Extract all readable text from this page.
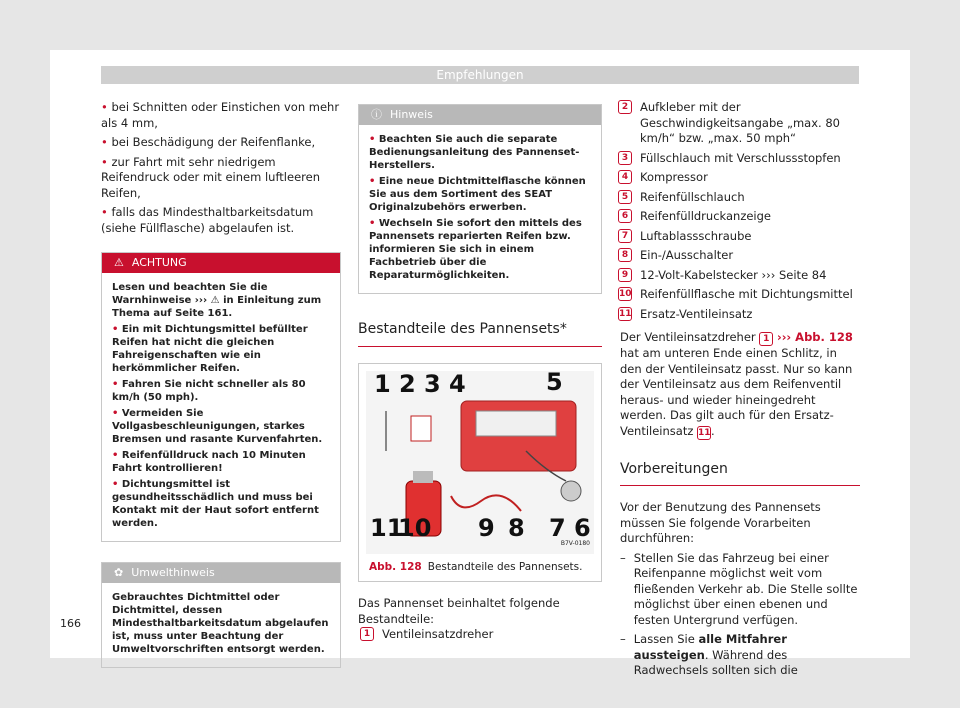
Empfehlungen
• bei Schnitten oder Einstichen von mehr als 4 mm,
• bei Beschädigung der Reifenflanke,
• zur Fahrt mit sehr niedrigem Reifendruck oder mit einem luftleeren Reifen,
• falls das Mindesthaltbarkeitsdatum (siehe Füllflasche) abgelaufen ist.
⚠ ACHTUNG

Lesen und beachten Sie die Warnhinweise ››› ⚠ in Einleitung zum Thema auf Seite 161.

• Ein mit Dichtungsmittel befüllter Reifen hat nicht die gleichen Fahreigenschaften wie ein herkömmlicher Reifen.

• Fahren Sie nicht schneller als 80 km/h (50 mph).

• Vermeiden Sie Vollgasbeschleunigungen, starkes Bremsen und rasante Kurvenfahrten.

• Reifenfülldruck nach 10 Minuten Fahrt kontrollieren!

• Dichtungsmittel ist gesundheitsschädlich und muss bei Kontakt mit der Haut sofort entfernt werden.

✿ Umwelthinweis

Gebrauchtes Dichtmittel oder Dichtmittel, dessen Mindesthaltbarkeitsdatum abgelaufen ist, muss unter Beachtung der Umweltvorschriften entsorgt werden.

ⓘ Hinweis

• Beachten Sie auch die separate Bedienungsanleitung des Pannenset-Herstellers.

• Eine neue Dichtmittelflasche können Sie aus dem Sortiment des SEAT Originalzubehörs erwerben.

• Wechseln Sie sofort den mittels des Pannensets reparierten Reifen bzw. informieren Sie sich in einem Fachbetrieb über die Reparaturmöglichkeiten.

Bestandteile des Pannensets*
1 2 3 4	5
11
10 9 8 7 6
B7V-0180
Abb. 128 Bestandteile des Pannensets.

Das Pannenset beinhaltet folgende Bestandteile:

1	Ventileinsatzdreher
2	Aufkleber mit der Geschwindigkeitsangabe „max. 80 km/h“ bzw. „max. 50 mph“
3	Füllschlauch mit Verschlussstopfen
4	Kompressor
5	Reifenfüllschlauch
6	Reifenfülldruckanzeige
7	Luftablassschraube
8	Ein-/Ausschalter
9	12-Volt-Kabelstecker ››› Seite 84
10 Reifenfüllflasche mit Dichtungsmittel
11 Ersatz-Ventileinsatz

Der Ventileinsatzdreher 1 ››› Abb. 128 hat am unteren Ende einen Schlitz, in den der Ventileinsatz passt. Nur so kann der Ventileinsatz aus dem Reifenventil heraus- und wieder hineingedreht werden. Das gilt auch für den Ersatz-Ventileinsatz 11.

Vorbereitungen

Vor der Benutzung des Pannensets müssen Sie folgende Vorarbeiten durchführen:

– Stellen Sie das Fahrzeug bei einer Reifenpanne möglichst weit vom fließenden Verkehr ab. Die Stelle sollte möglichst über einen ebenen und festen Untergrund verfügen.
– Lassen Sie alle Mitfahrer aussteigen. Während des Radwechsels sollten sich die
166
